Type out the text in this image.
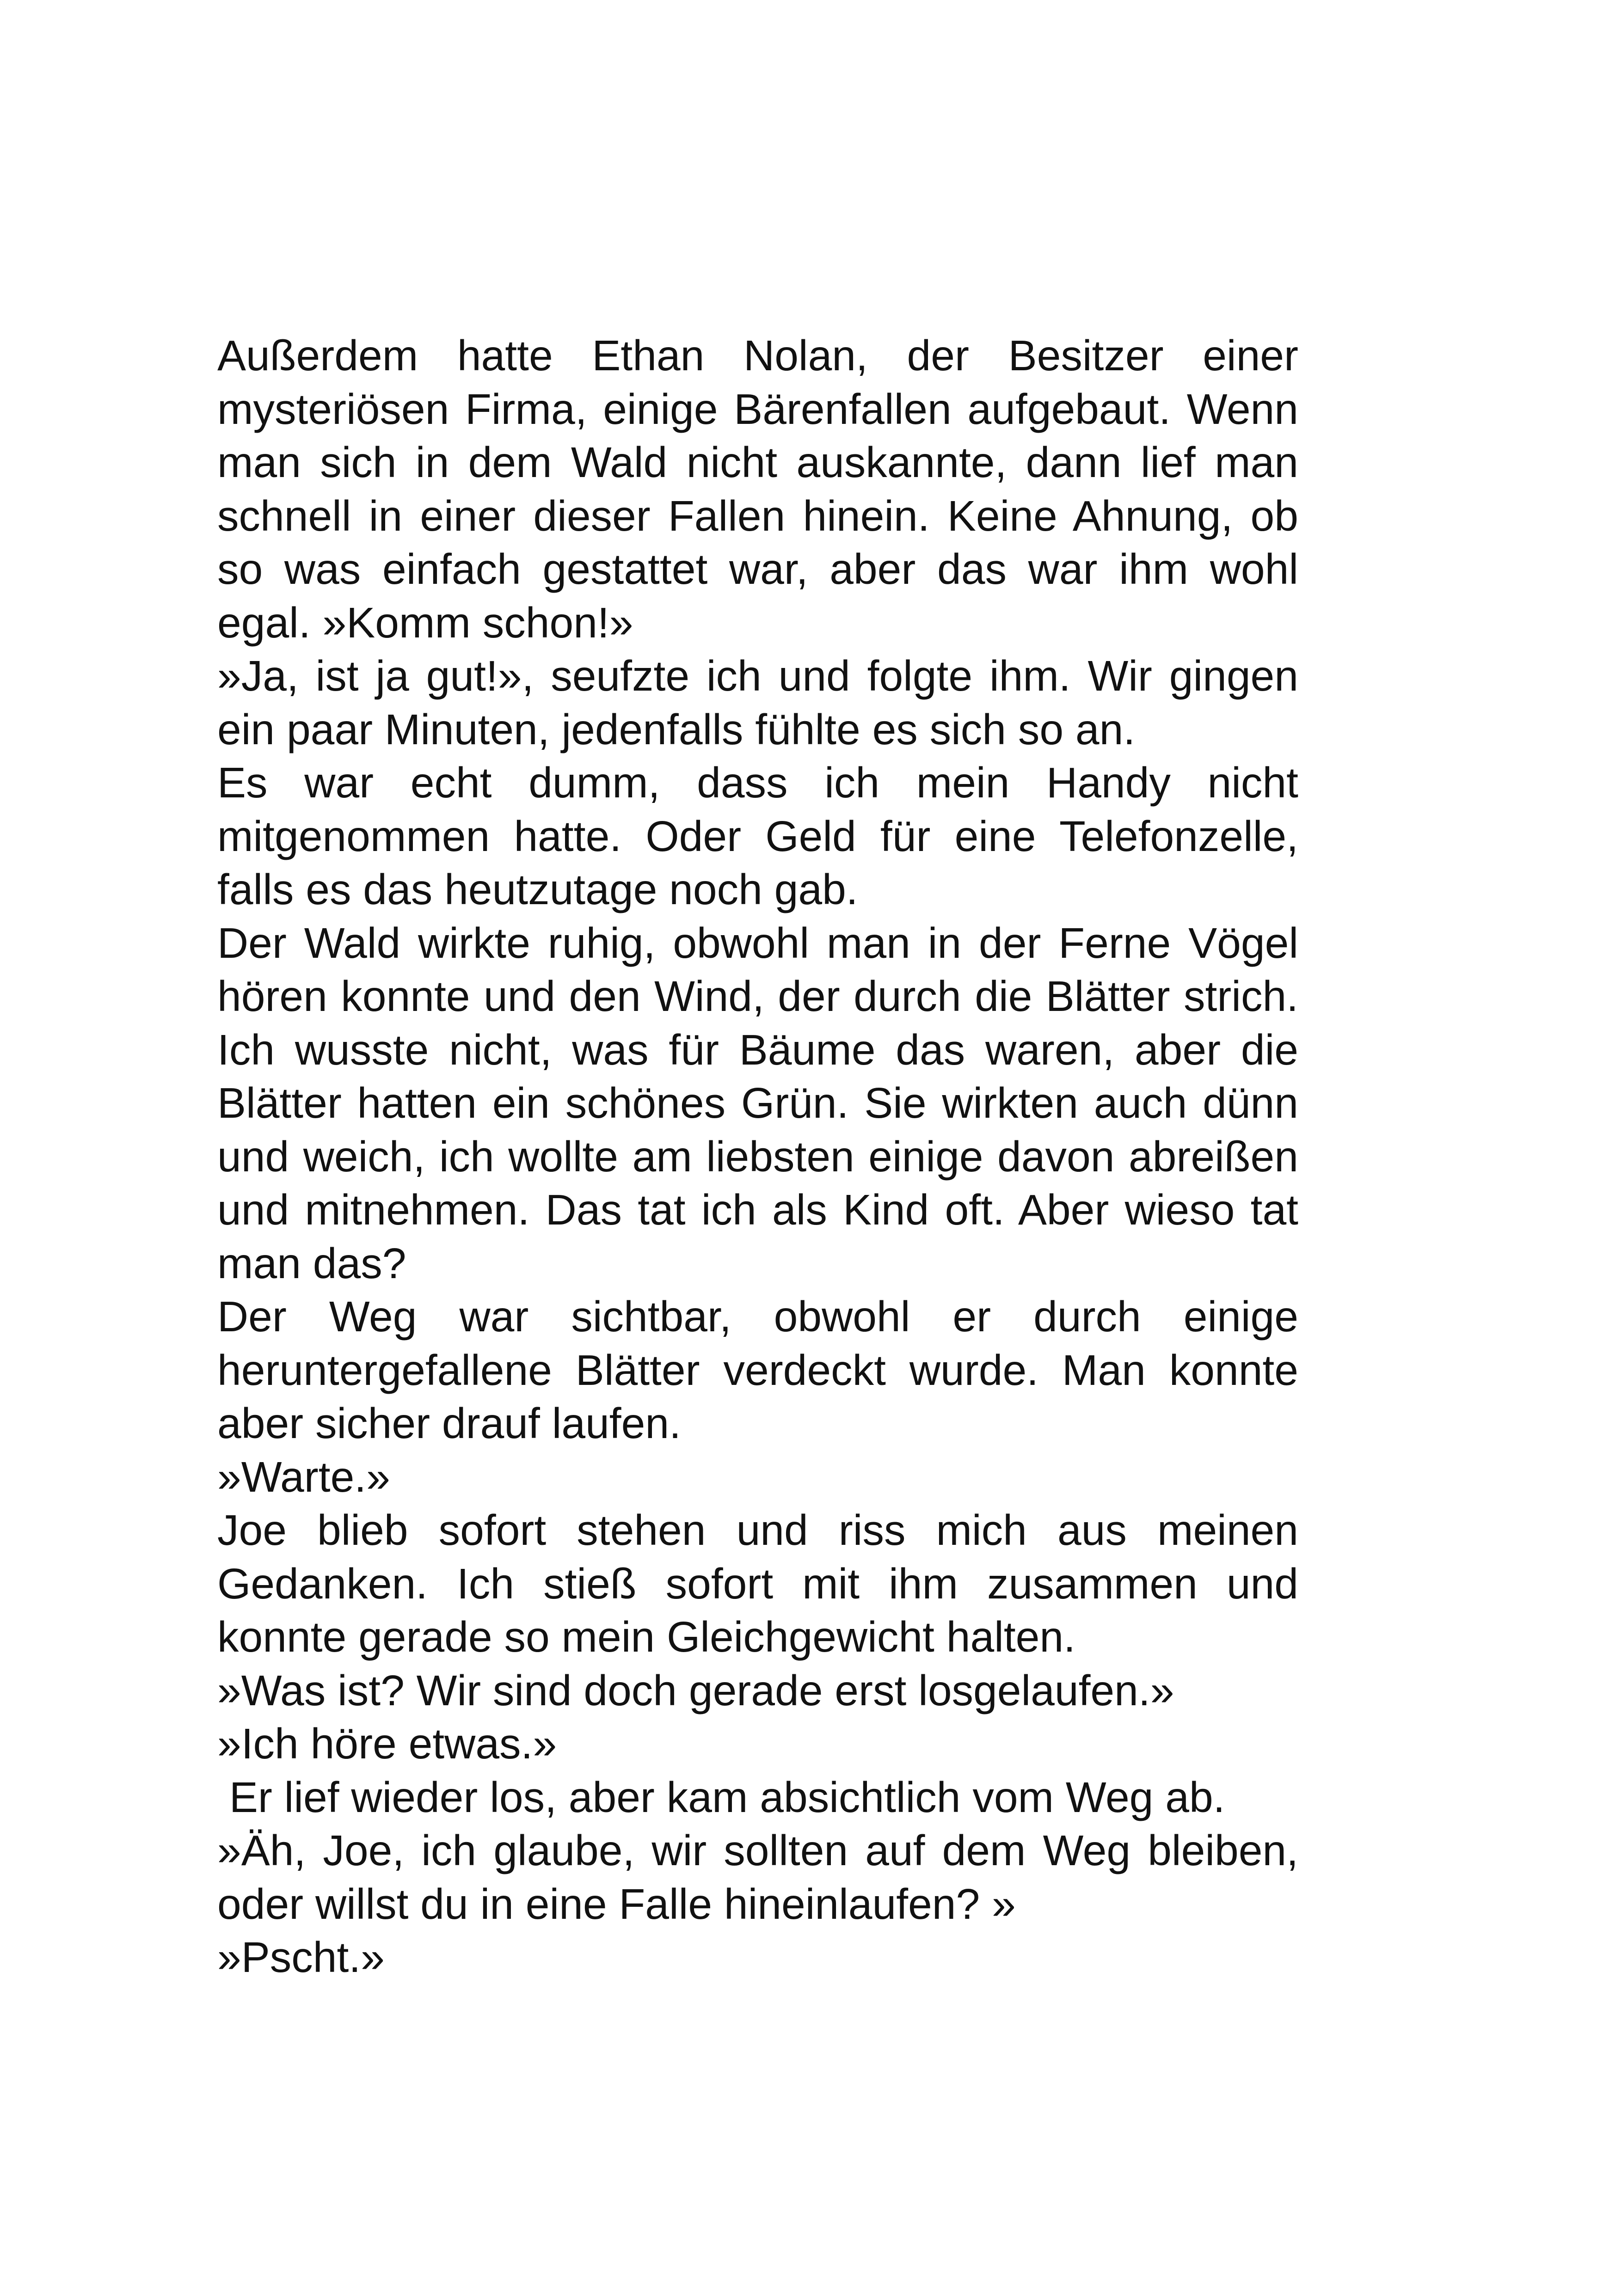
Außerdem hatte Ethan Nolan, der Besitzer einer mysteriösen Firma, einige Bärenfallen aufgebaut. Wenn man sich in dem Wald nicht auskannte, dann lief man schnell in einer dieser Fallen hinein. Keine Ahnung, ob so was einfach gestattet war, aber das war ihm wohl egal. »Komm schon!»

»Ja, ist ja gut!», seufzte ich und folgte ihm. Wir gingen ein paar Minuten, jedenfalls fühlte es sich so an.

Es war echt dumm, dass ich mein Handy nicht mitgenommen hatte. Oder Geld für eine Telefonzelle, falls es das heutzutage noch gab.

Der Wald wirkte ruhig, obwohl man in der Ferne Vögel hören konnte und den Wind, der durch die Blätter strich. Ich wusste nicht, was für Bäume das waren, aber die Blätter hatten ein schönes Grün. Sie wirkten auch dünn und weich, ich wollte am liebsten einige davon abreißen und mitnehmen. Das tat ich als Kind oft. Aber wieso tat man das?

Der Weg war sichtbar, obwohl er durch einige heruntergefallene Blätter verdeckt wurde. Man konnte aber sicher drauf laufen.

»Warte.»

Joe blieb sofort stehen und riss mich aus meinen Gedanken. Ich stieß sofort mit ihm zusammen und konnte gerade so mein Gleichgewicht halten.

»Was ist? Wir sind doch gerade erst losgelaufen.»

»Ich höre etwas.»

Er lief wieder los, aber kam absichtlich vom Weg ab.

»Äh, Joe, ich glaube, wir sollten auf dem Weg bleiben, oder willst du in eine Falle hineinlaufen? »

»Pscht.»
